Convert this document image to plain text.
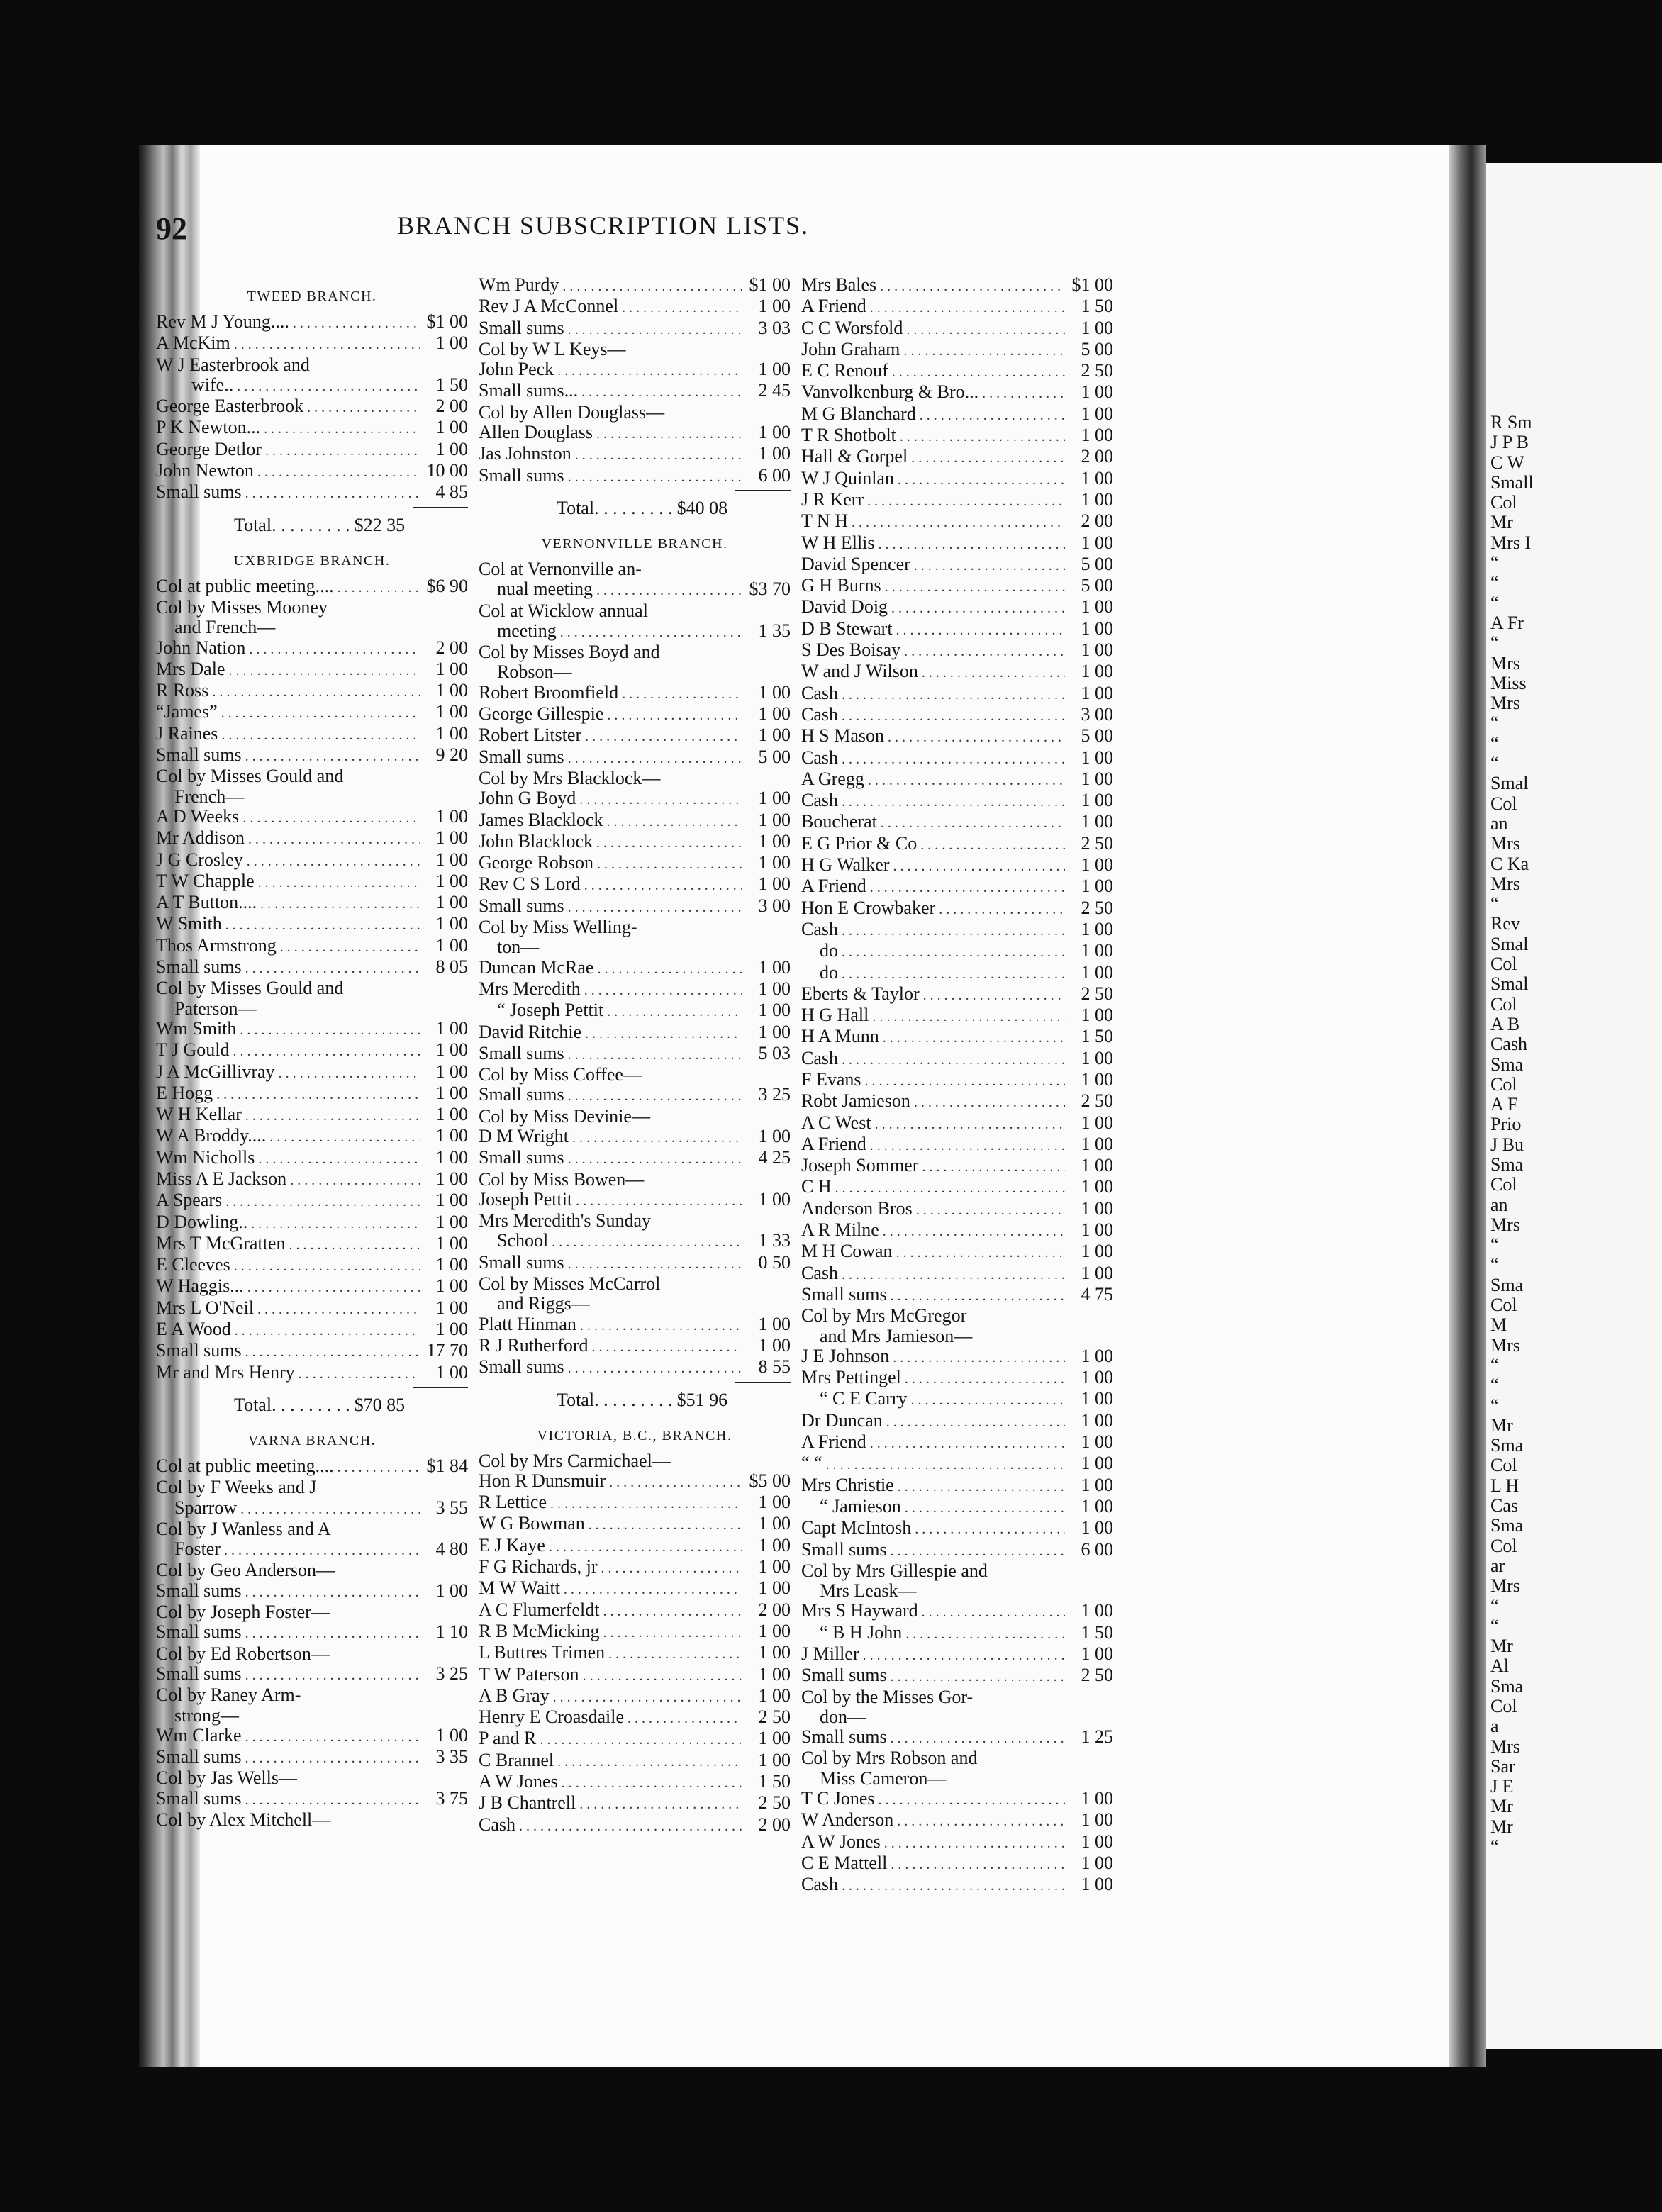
R Sm
J P B
C W
Small
Col
Mr
Mrs I
“
“
“
A Fr
“
Mrs
Miss
Mrs
“
“
“
Smal
Col
an
Mrs
C Ka
Mrs
“
Rev
Smal
Col
Smal
Col
A B
Cash
Sma
Col
A F
Prio
J Bu
Sma
Col
an
Mrs
“
“
Sma
Col
M
Mrs
“
“
“
Mr
Sma
Col
L H
Cas
Sma
Col
ar
Mrs
“
“
Mr
Al
Sma
Col
a
Mrs
Sar
J E
Mr
Mr
“
92	BRANCH SUBSCRIPTION LISTS.
TWEED BRANCH.
Rev M J Young.... . . .	$1 00
A McKim . . .	1 00
W J Easterbrook and
wife.. . . .	1 50
George Easterbrook . . .	2 00
P K Newton... . . .	1 00
George Detlor . . .	1 00
John Newton . . .	10 00
Small sums . . .	4 85
Total . . . . . . . . . $22 35
UXBRIDGE BRANCH.
Col at public meeting.... . . .	$6 90
Col by Misses Mooney
and French—
John Nation . . .	2 00
Mrs Dale . . .	1 00
R Ross . . .	1 00
“James” . . .	1 00
J Raines . . .	1 00
Small sums . . .	9 20
Col by Misses Gould and
French—
A D Weeks . . .	1 00
Mr Addison . . .	1 00
J G Crosley . . .	1 00
T W Chapple . . .	1 00
A T Button.... . . .	1 00
W Smith . . .	1 00
Thos Armstrong . . .	1 00
Small sums . . .	8 05
Col by Misses Gould and
Paterson—
Wm Smith . . .	1 00
T J Gould . . .	1 00
J A McGillivray . . .	1 00
E Hogg . . .	1 00
W H Kellar . . .	1 00
W A Broddy.... . . .	1 00
Wm Nicholls . . .	1 00
Miss A E Jackson . . .	1 00
A Spears . . .	1 00
D Dowling.. . . .	1 00
Mrs T McGratten . . .	1 00
E Cleeves . . .	1 00
W Haggis... . . .	1 00
Mrs L O'Neil . . .	1 00
E A Wood . . .	1 00
Small sums . . .	17 70
Mr and Mrs Henry . . .	1 00
Total . . . . . . . . . $70 85
VARNA BRANCH.
Col at public meeting.... . . .	$1 84
Col by F Weeks and J
Sparrow . . .	3 55
Col by J Wanless and A
Foster . . .	4 80
Col by Geo Anderson—
Small sums . . .	1 00
Col by Joseph Foster—
Small sums . . .	1 10
Col by Ed Robertson—
Small sums . . .	3 25
Col by Raney Arm-
strong—
Wm Clarke . . .	1 00
Small sums . . .	3 35
Col by Jas Wells—
Small sums . . .	3 75
Col by Alex Mitchell—
Wm Purdy . . .	$1 00
Rev J A McConnel . . .	1 00
Small sums . . .	3 03
Col by W L Keys—
John Peck . . .	1 00
Small sums... . . .	2 45
Col by Allen Douglass—
Allen Douglass . . .	1 00
Jas Johnston . . .	1 00
Small sums . . .	6 00
Total . . . . . . . . . $40 08
VERNONVILLE BRANCH.
Col at Vernonville an-
nual meeting . . .	$3 70
Col at Wicklow annual
meeting . . .	1 35
Col by Misses Boyd and
Robson—
Robert Broomfield . . .	1 00
George Gillespie . . .	1 00
Robert Litster . . .	1 00
Small sums . . .	5 00
Col by Mrs Blacklock—
John G Boyd . . .	1 00
James Blacklock . . .	1 00
John Blacklock . . .	1 00
George Robson . . .	1 00
Rev C S Lord . . .	1 00
Small sums . . .	3 00
Col by Miss Welling-
ton—
Duncan McRae . . .	1 00
Mrs Meredith . . .	1 00
“ Joseph Pettit . . .	1 00
David Ritchie . . .	1 00
Small sums . . .	5 03
Col by Miss Coffee—
Small sums . . .	3 25
Col by Miss Devinie—
D M Wright . . .	1 00
Small sums . . .	4 25
Col by Miss Bowen—
Joseph Pettit . . .	1 00
Mrs Meredith's Sunday
School . . .	1 33
Small sums . . .	0 50
Col by Misses McCarrol
and Riggs—
Platt Hinman . . .	1 00
R J Rutherford . . .	1 00
Small sums . . .	8 55
Total . . . . . . . . . $51 96
VICTORIA, B.C., BRANCH.
Col by Mrs Carmichael—
Hon R Dunsmuir . . .	$5 00
R Lettice . . .	1 00
W G Bowman . . .	1 00
E J Kaye . . .	1 00
F G Richards, jr . . .	1 00
M W Waitt . . .	1 00
A C Flumerfeldt . . .	2 00
R B McMicking . . .	1 00
L Buttres Trimen . . .	1 00
T W Paterson . . .	1 00
A B Gray . . .	1 00
Henry E Croasdaile . . .	2 50
P and R . . .	1 00
C Brannel . . .	1 00
A W Jones . . .	1 50
J B Chantrell . . .	2 50
Cash . . .	2 00
Mrs Bales . . .	$1 00
A Friend . . .	1 50
C C Worsfold . . .	1 00
John Graham . . .	5 00
E C Renouf . . .	2 50
Vanvolkenburg & Bro... . . .	1 00
M G Blanchard . . .	1 00
T R Shotbolt . . .	1 00
Hall & Gorpel . . .	2 00
W J Quinlan . . .	1 00
J R Kerr . . .	1 00
T N H . . .	2 00
W H Ellis . . .	1 00
David Spencer . . .	5 00
G H Burns . . .	5 00
David Doig . . .	1 00
D B Stewart . . .	1 00
S Des Boisay . . .	1 00
W and J Wilson . . .	1 00
Cash . . .	1 00
Cash . . .	3 00
H S Mason . . .	5 00
Cash . . .	1 00
A Gregg . . .	1 00
Cash . . .	1 00
Boucherat . . .	1 00
E G Prior & Co . . .	2 50
H G Walker . . .	1 00
A Friend . . .	1 00
Hon E Crowbaker . . .	2 50
Cash . . .	1 00
do . . .	1 00
do . . .	1 00
Eberts & Taylor . . .	2 50
H G Hall . . .	1 00
H A Munn . . .	1 50
Cash . . .	1 00
F Evans . . .	1 00
Robt Jamieson . . .	2 50
A C West . . .	1 00
A Friend . . .	1 00
Joseph Sommer . . .	1 00
C H . . .	1 00
Anderson Bros . . .	1 00
A R Milne . . .	1 00
M H Cowan . . .	1 00
Cash . . .	1 00
Small sums . . .	4 75
Col by Mrs McGregor
and Mrs Jamieson—
J E Johnson . . .	1 00
Mrs Pettingel . . .	1 00
“ C E Carry . . .	1 00
Dr Duncan . . .	1 00
A Friend . . .	1 00
“ “ . . .	1 00
Mrs Christie . . .	1 00
“ Jamieson . . .	1 00
Capt McIntosh . . .	1 00
Small sums . . .	6 00
Col by Mrs Gillespie and
Mrs Leask—
Mrs S Hayward . . .	1 00
“ B H John . . .	1 50
J Miller . . .	1 00
Small sums . . .	2 50
Col by the Misses Gor-
don—
Small sums . . .	1 25
Col by Mrs Robson and
Miss Cameron—
T C Jones . . .	1 00
W Anderson . . .	1 00
A W Jones . . .	1 00
C E Mattell . . .	1 00
Cash . . .	1 00
